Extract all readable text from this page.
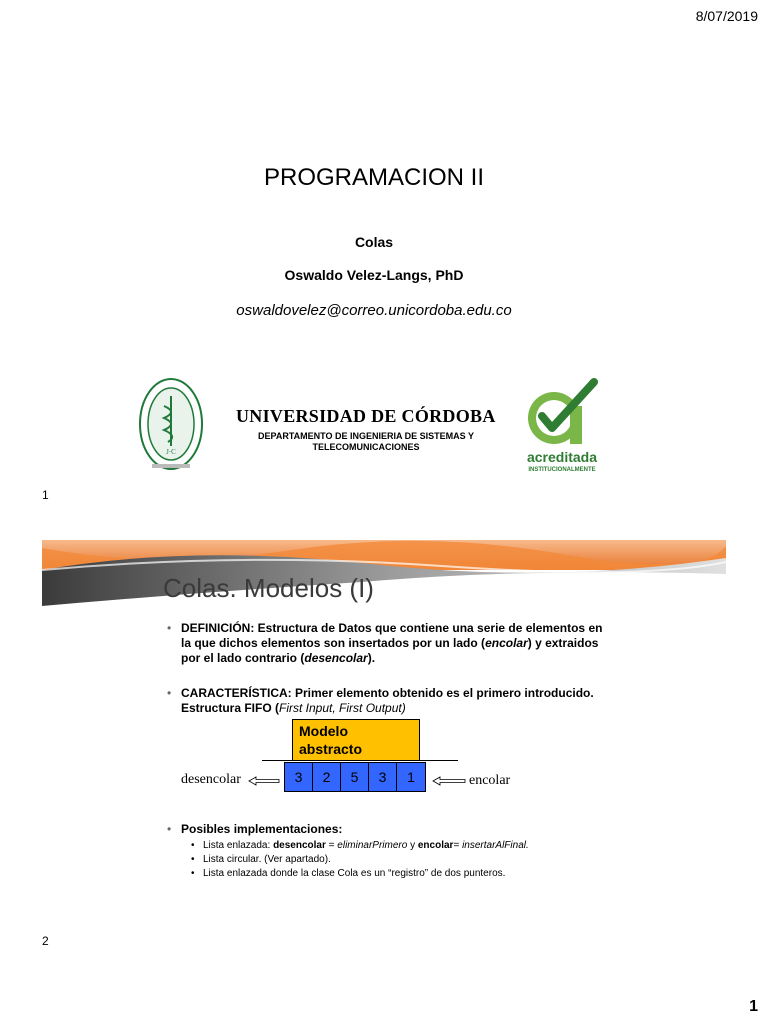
8/07/2019
PROGRAMACION II
Colas
Oswaldo Velez-Langs, PhD
oswaldovelez@correo.unicordoba.edu.co
J·C
UNIVERSIDAD DE CÓRDOBA
DEPARTAMENTO DE INGENIERIA DE SISTEMAS Y TELECOMUNICACIONES
acreditada
INSTITUCIONALMENTE
1
Colas. Modelos (I)
• DEFINICIÓN: Estructura de Datos que contiene una serie de elementos en la que dichos elementos son insertados por un lado (encolar) y extraidos por el lado contrario (desencolar).
• CARACTERÍSTICA: Primer elemento obtenido es el primero introducido. Estructura FIFO (First Input, First Output)
Modelo abstracto
3	2	5	3	1
desencolar	encolar
• Posibles implementaciones:
• Lista enlazada: desencolar = eliminarPrimero y encolar= insertarAlFinal.
• Lista circular. (Ver apartado).
• Lista enlazada donde la clase Cola es un “registro” de dos punteros.
2
1
